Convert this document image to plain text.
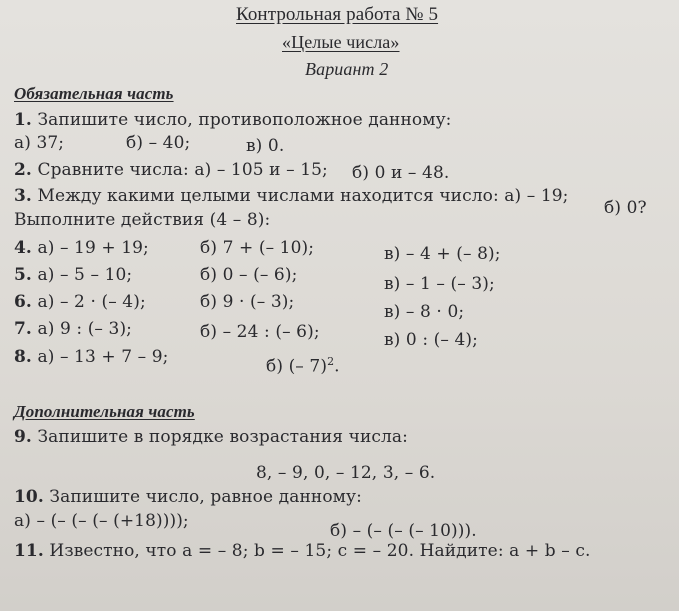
Контрольная работа № 5
«Целые числа»
Вариант 2
Обязательная часть
1. Запишите число, противоположное данному:
а) 37;	б) – 40;	в) 0.
2. Сравните числа: а) – 105 и – 15; б) 0 и – 48.
3. Между какими целыми числами находится число: а) – 19;
б) 0?
Выполните действия (4 – 8):
4. а) – 19 + 19;	б) 7 + (– 10);	в) – 4 + (– 8);
5. а) – 5 – 10;	б) 0 – (– 6);	в) – 1 – (– 3);
6. а) – 2 · (– 4);	б) 9 · (– 3);	в) – 8 · 0;
7. а) 9 : (– 3);	б) – 24 : (– 6);	в) 0 : (– 4);
8. а) – 13 + 7 – 9;	б) (– 7)$^2$.
Дополнительная часть
9. Запишите в порядке возрастания числа:
8, – 9, 0, – 12, 3, – 6.
10. Запишите число, равное данному:
а) – (– (– (– (+18))));	б) – (– (– (– 10))).
11. Известно, что a = – 8; b = – 15; c = – 20. Найдите: a + b – c.
